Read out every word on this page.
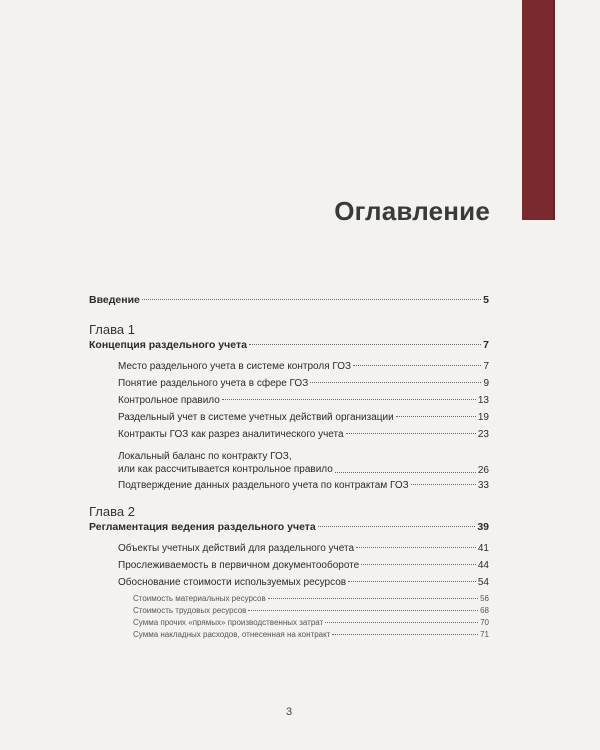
Оглавление
Введение	5
Глава 1
Концепция раздельного учета	7
Место раздельного учета в системе контроля ГОЗ	7
Понятие раздельного учета в сфере ГОЗ	9
Контрольное правило	13
Раздельный учет в системе учетных действий организации	19
Контракты ГОЗ как разрез аналитического учета	23
Локальный баланс по контракту ГОЗ,
или как рассчитывается контрольное правило	26
Подтверждение данных раздельного учета по контрактам ГОЗ	33
Глава 2
Регламентация ведения раздельного учета	39
Объекты учетных действий для раздельного учета	41
Прослеживаемость в первичном документообороте	44
Обоснование стоимости используемых ресурсов	54
Стоимость материальных ресурсов	56
Стоимость трудовых ресурсов	68
Сумма прочих «прямых» производственных затрат	70
Сумма накладных расходов, отнесенная на контракт	71
3
